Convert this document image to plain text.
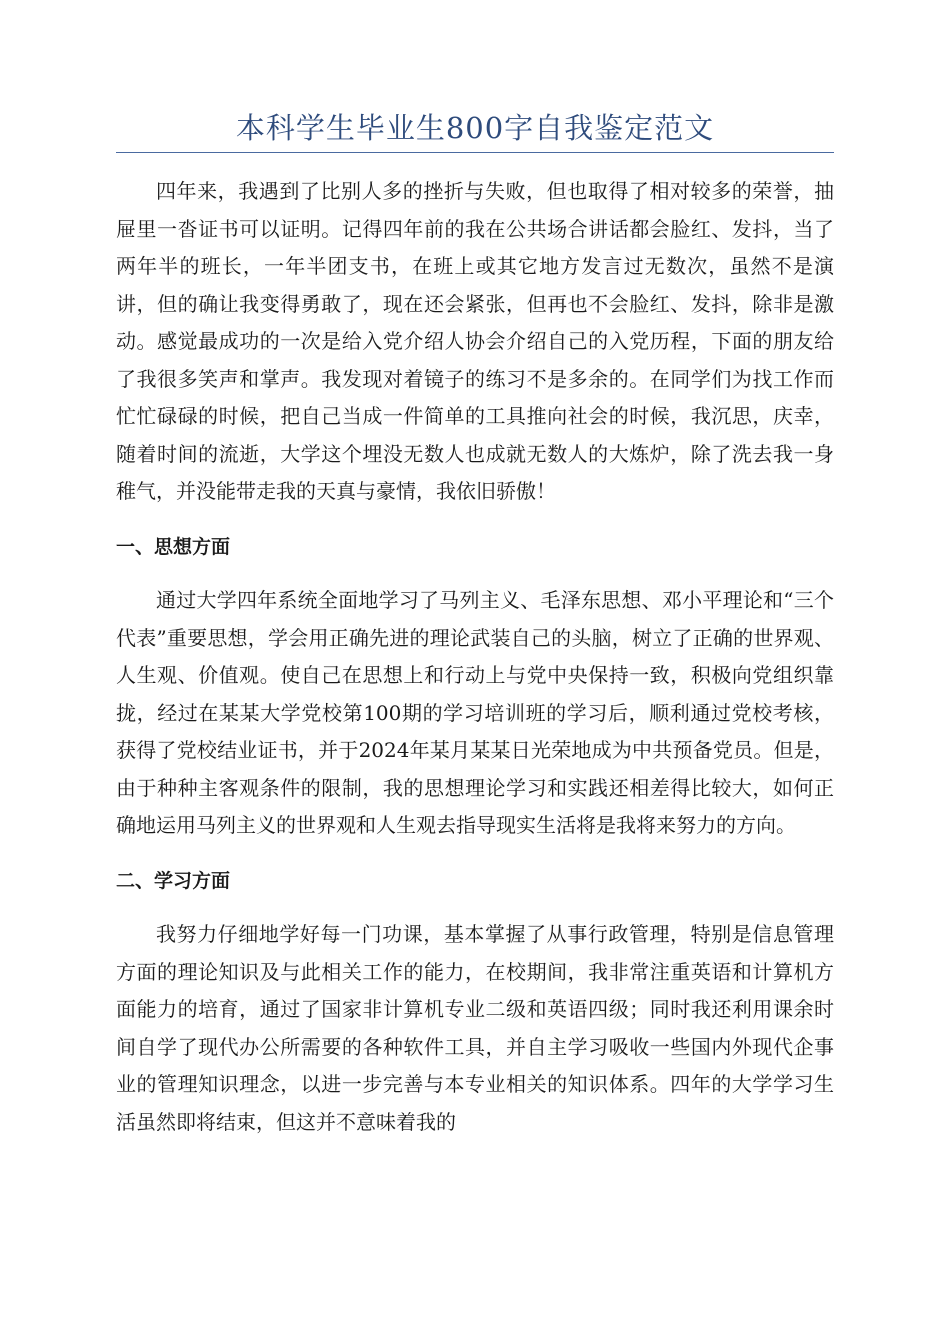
本科学生毕业生800字自我鉴定范文

四年来，我遇到了比别人多的挫折与失败，但也取得了相对较多的荣誉，抽屉里一沓证书可以证明。记得四年前的我在公共场合讲话都会脸红、发抖，当了两年半的班长，一年半团支书，在班上或其它地方发言过无数次，虽然不是演讲，但的确让我变得勇敢了，现在还会紧张，但再也不会脸红、发抖，除非是激动。感觉最成功的一次是给入党介绍人协会介绍自己的入党历程，下面的朋友给了我很多笑声和掌声。我发现对着镜子的练习不是多余的。在同学们为找工作而忙忙碌碌的时候，把自己当成一件简单的工具推向社会的时候，我沉思，庆幸，随着时间的流逝，大学这个埋没无数人也成就无数人的大炼炉，除了洗去我一身稚气，并没能带走我的天真与豪情，我依旧骄傲！

一、思想方面

通过大学四年系统全面地学习了马列主义、毛泽东思想、邓小平理论和“三个代表”重要思想，学会用正确先进的理论武装自己的头脑，树立了正确的世界观、人生观、价值观。使自己在思想上和行动上与党中央保持一致，积极向党组织靠拢，经过在某某大学党校第100期的学习培训班的学习后，顺利通过党校考核，获得了党校结业证书，并于2024年某月某某日光荣地成为中共预备党员。但是，由于种种主客观条件的限制，我的思想理论学习和实践还相差得比较大，如何正确地运用马列主义的世界观和人生观去指导现实生活将是我将来努力的方向。

二、学习方面

我努力仔细地学好每一门功课，基本掌握了从事行政管理，特别是信息管理方面的理论知识及与此相关工作的能力，在校期间，我非常注重英语和计算机方面能力的培育，通过了国家非计算机专业二级和英语四级；同时我还利用课余时间自学了现代办公所需要的各种软件工具，并自主学习吸收一些国内外现代企事业的管理知识理念，以进一步完善与本专业相关的知识体系。四年的大学学习生活虽然即将结束，但这并不意味着我的
